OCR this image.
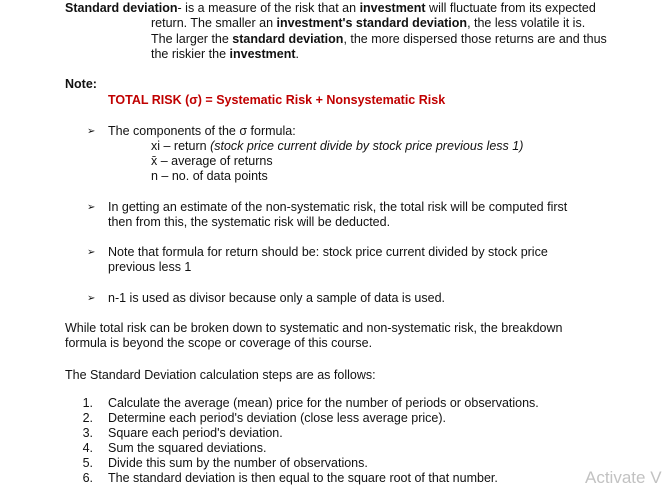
Standard deviation- is a measure of the risk that an investment will fluctuate from its expected
return. The smaller an investment's standard deviation, the less volatile it is.
The larger the standard deviation, the more dispersed those returns are and thus
the riskier the investment.
Note:
TOTAL RISK (σ) = Systematic Risk + Nonsystematic Risk
➢ The components of the σ formula:
xi – return (stock price current divide by stock price previous less 1)
x̄ – average of returns
n – no. of data points
➢ In getting an estimate of the non-systematic risk, the total risk will be computed first
then from this, the systematic risk will be deducted.
➢ Note that formula for return should be: stock price current divided by stock price
previous less 1
➢ n-1 is used as divisor because only a sample of data is used.
While total risk can be broken down to systematic and non-systematic risk, the breakdown
formula is beyond the scope or coverage of this course.
The Standard Deviation calculation steps are as follows:
1. Calculate the average (mean) price for the number of periods or observations.
2. Determine each period's deviation (close less average price).
3. Square each period's deviation.
4. Sum the squared deviations.
5. Divide this sum by the number of observations.
6. The standard deviation is then equal to the square root of that number.	Activate V
